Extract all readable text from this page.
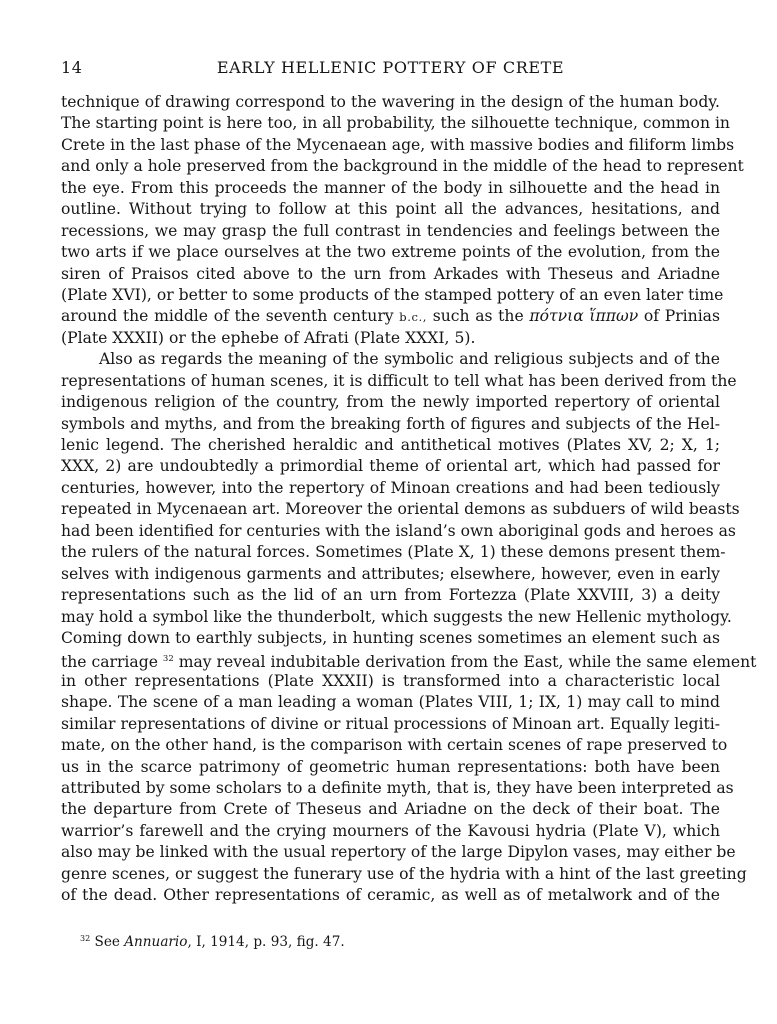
14	EARLY HELLENIC POTTERY OF CRETE
technique of drawing correspond to the wavering in the design of the human body.
The starting point is here too, in all probability, the silhouette technique, common in
Crete in the last phase of the Mycenaean age, with massive bodies and filiform limbs
and only a hole preserved from the background in the middle of the head to represent
the eye. From this proceeds the manner of the body in silhouette and the head in
outline. Without trying to follow at this point all the advances, hesitations, and
recessions, we may grasp the full contrast in tendencies and feelings between the
two arts if we place ourselves at the two extreme points of the evolution, from the
siren of Praisos cited above to the urn from Arkades with Theseus and Ariadne
(Plate XVI), or better to some products of the stamped pottery of an even later time
around the middle of the seventh century b.c., such as the πότνια ἵππων of Prinias
(Plate XXXII) or the ephebe of Afrati (Plate XXXI, 5).
Also as regards the meaning of the symbolic and religious subjects and of the
representations of human scenes, it is difficult to tell what has been derived from the
indigenous religion of the country, from the newly imported repertory of oriental
symbols and myths, and from the breaking forth of figures and subjects of the Hel-
lenic legend. The cherished heraldic and antithetical motives (Plates XV, 2; X, 1;
XXX, 2) are undoubtedly a primordial theme of oriental art, which had passed for
centuries, however, into the repertory of Minoan creations and had been tediously
repeated in Mycenaean art. Moreover the oriental demons as subduers of wild beasts
had been identified for centuries with the island’s own aboriginal gods and heroes as
the rulers of the natural forces. Sometimes (Plate X, 1) these demons present them-
selves with indigenous garments and attributes; elsewhere, however, even in early
representations such as the lid of an urn from Fortezza (Plate XXVIII, 3) a deity
may hold a symbol like the thunderbolt, which suggests the new Hellenic mythology.
Coming down to earthly subjects, in hunting scenes sometimes an element such as
the carriage $^{32}$ may reveal indubitable derivation from the East, while the same element
in other representations (Plate XXXII) is transformed into a characteristic local
shape. The scene of a man leading a woman (Plates VIII, 1; IX, 1) may call to mind
similar representations of divine or ritual processions of Minoan art. Equally legiti-
mate, on the other hand, is the comparison with certain scenes of rape preserved to
us in the scarce patrimony of geometric human representations: both have been
attributed by some scholars to a definite myth, that is, they have been interpreted as
the departure from Crete of Theseus and Ariadne on the deck of their boat. The
warrior’s farewell and the crying mourners of the Kavousi hydria (Plate V), which
also may be linked with the usual repertory of the large Dipylon vases, may either be
genre scenes, or suggest the funerary use of the hydria with a hint of the last greeting
of the dead. Other representations of ceramic, as well as of metalwork and of the
$^{32}$ See Annuario, I, 1914, p. 93, fig. 47.
